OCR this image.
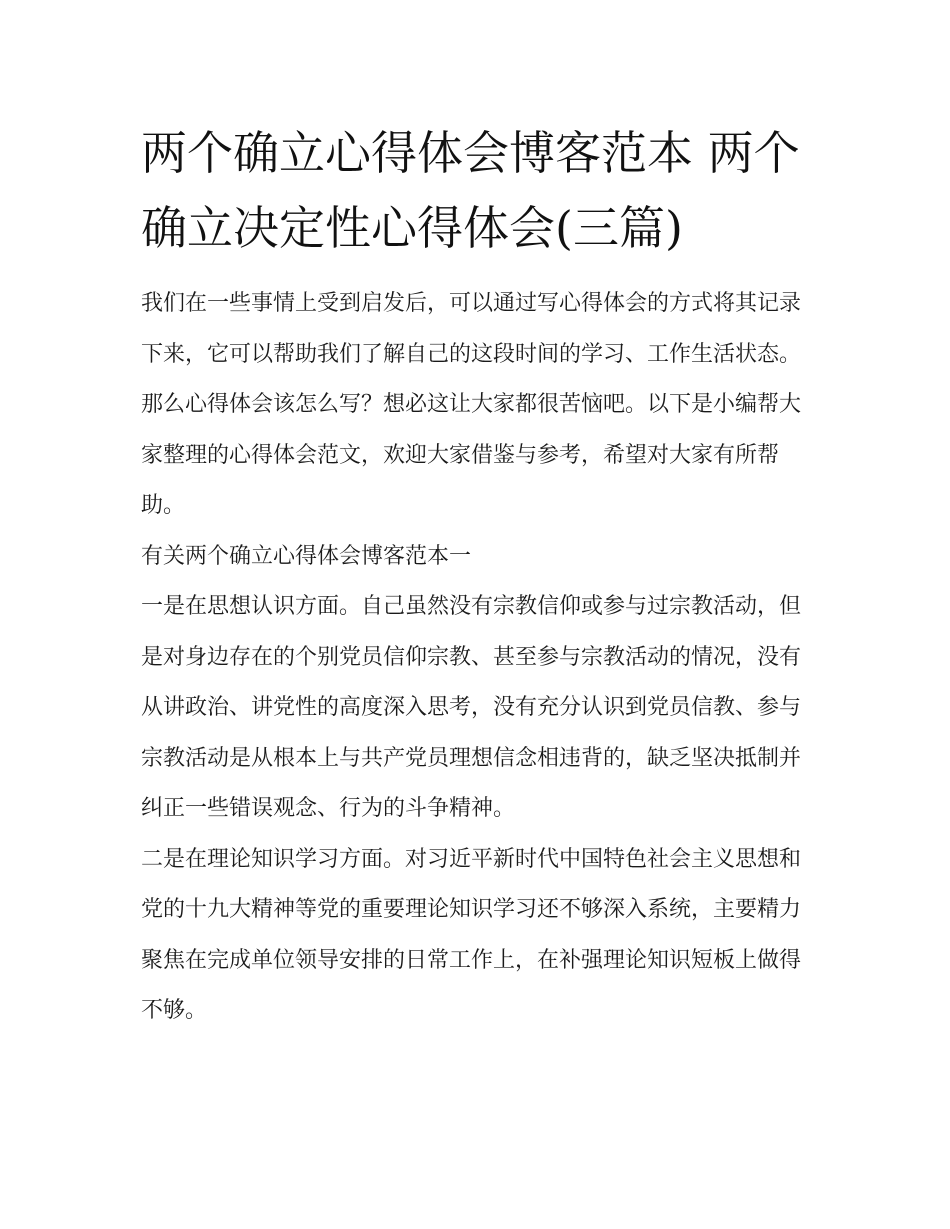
两个确立心得体会博客范本 两个确立决定性心得体会(三篇)

我们在一些事情上受到启发后，可以通过写心得体会的方式将其记录下来，它可以帮助我们了解自己的这段时间的学习、工作生活状态。那么心得体会该怎么写？想必这让大家都很苦恼吧。以下是小编帮大家整理的心得体会范文，欢迎大家借鉴与参考，希望对大家有所帮助。

有关两个确立心得体会博客范本一

一是在思想认识方面。自己虽然没有宗教信仰或参与过宗教活动，但是对身边存在的个别党员信仰宗教、甚至参与宗教活动的情况，没有从讲政治、讲党性的高度深入思考，没有充分认识到党员信教、参与宗教活动是从根本上与共产党员理想信念相违背的，缺乏坚决抵制并纠正一些错误观念、行为的斗争精神。

二是在理论知识学习方面。对习近平新时代中国特色社会主义思想和党的十九大精神等党的重要理论知识学习还不够深入系统，主要精力聚焦在完成单位领导安排的日常工作上，在补强理论知识短板上做得不够。
